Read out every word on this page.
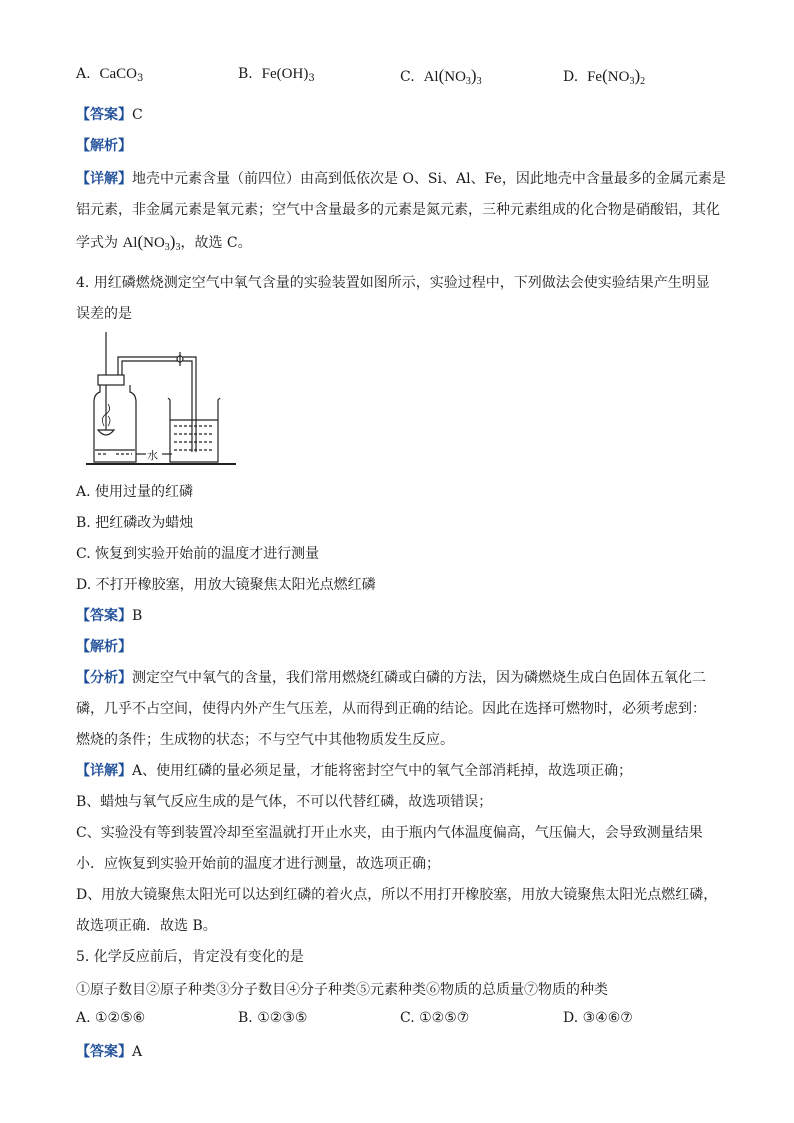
A. CaCO$_3$	B. $Fe(OH)_3$	C. $Al(NO_3)_3$	D. $Fe(NO_3)_2$
【答案】C
【解析】
【详解】地壳中元素含量（前四位）由高到低依次是 O、Si、Al、Fe，因此地壳中含量最多的金属元素是
铝元素，非金属元素是氧元素；空气中含量最多的元素是氮元素，三种元素组成的化合物是硝酸铝，其化
学式为 $Al(NO_3)_3$，故选 C。
4. 用红磷燃烧测定空气中氧气含量的实验装置如图所示，实验过程中，下列做法会使实验结果产生明显
误差的是
水
A. 使用过量的红磷
B. 把红磷改为蜡烛
C. 恢复到实验开始前的温度才进行测量
D. 不打开橡胶塞，用放大镜聚焦太阳光点燃红磷
【答案】B
【解析】
【分析】测定空气中氧气的含量，我们常用燃烧红磷或白磷的方法，因为磷燃烧生成白色固体五氧化二
磷，几乎不占空间，使得内外产生气压差，从而得到正确的结论。因此在选择可燃物时，必须考虑到：
燃烧的条件；生成物的状态；不与空气中其他物质发生反应。
【详解】A、使用红磷的量必须足量，才能将密封空气中的氧气全部消耗掉，故选项正确；
B、蜡烛与氧气反应生成的是气体，不可以代替红磷，故选项错误；
C、实验没有等到装置冷却至室温就打开止水夹，由于瓶内气体温度偏高，气压偏大，会导致测量结果
小．应恢复到实验开始前的温度才进行测量，故选项正确；
D、用放大镜聚焦太阳光可以达到红磷的着火点，所以不用打开橡胶塞，用放大镜聚焦太阳光点燃红磷，
故选项正确．故选 B。
5. 化学反应前后，肯定没有变化的是
①原子数目②原子种类③分子数目④分子种类⑤元素种类⑥物质的总质量⑦物质的种类
A. ①②⑤⑥	B. ①②③⑤	C. ①②⑤⑦	D. ③④⑥⑦
【答案】A
